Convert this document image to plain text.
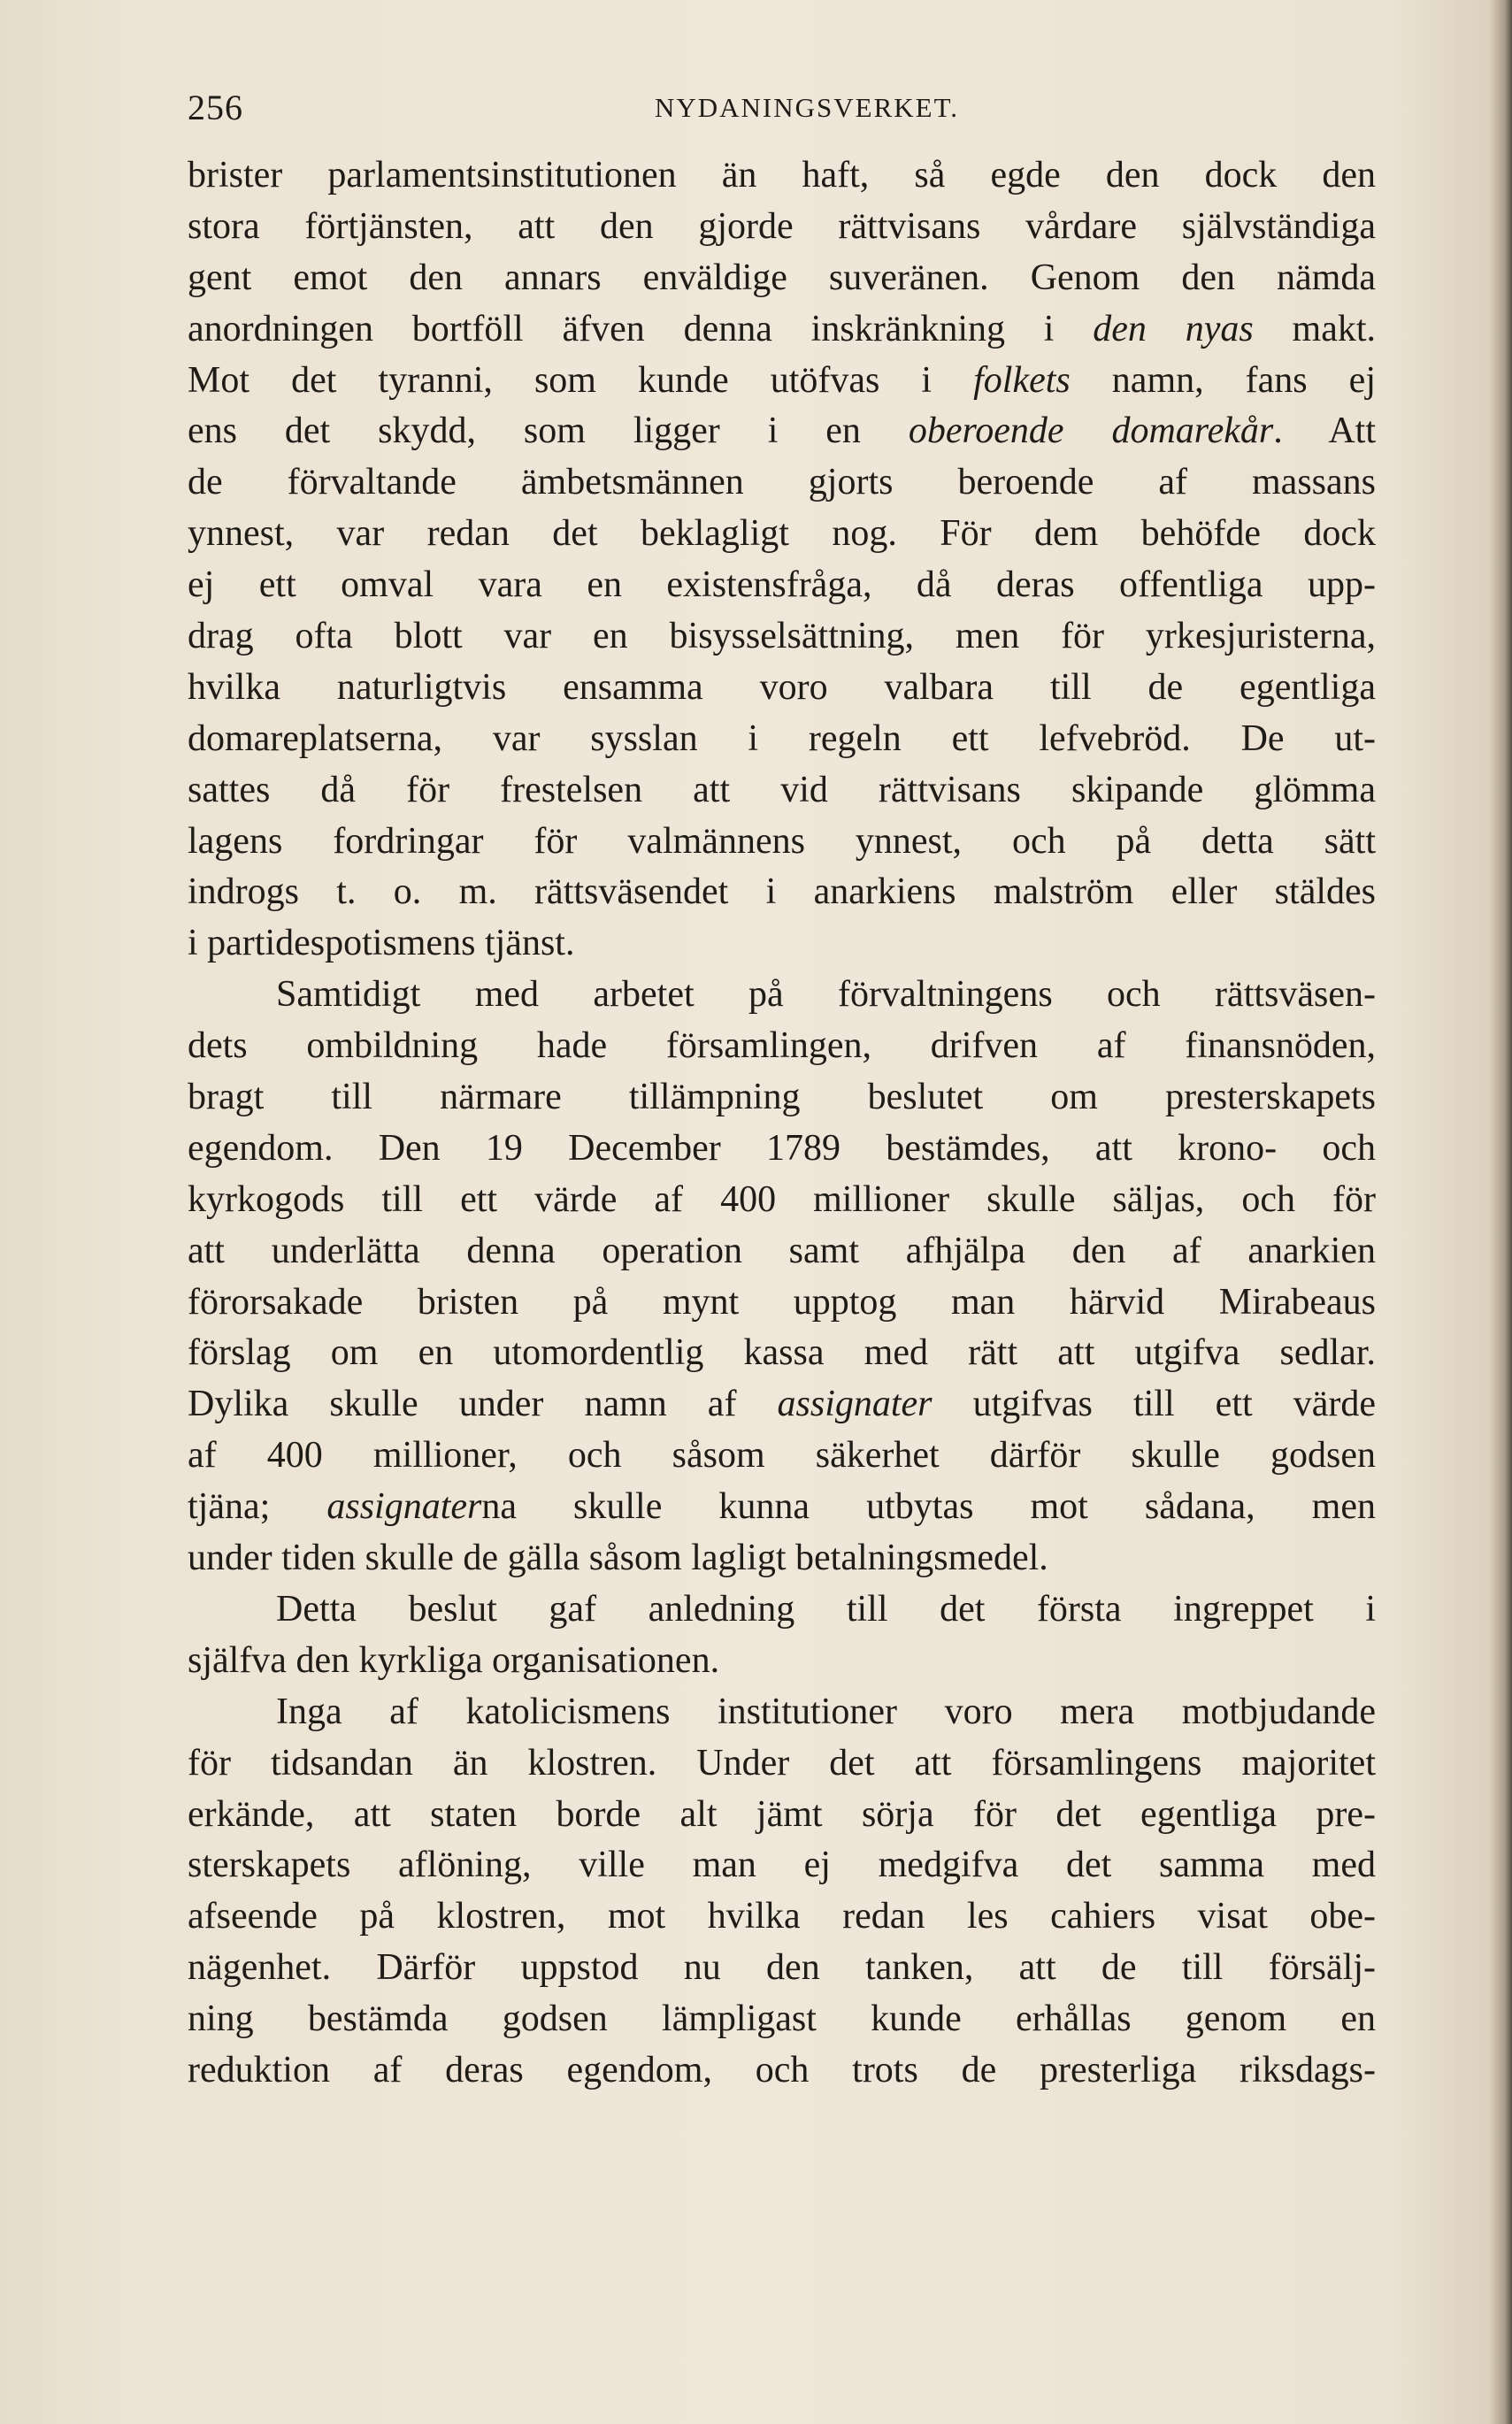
256	NYDANINGSVERKET.
brister parlamentsinstitutionen än haft, så egde den dock den
stora förtjänsten, att den gjorde rättvisans vårdare självständiga
gent emot den annars enväldige suveränen. Genom den nämda
anordningen bortföll äfven denna inskränkning i den nyas makt.
Mot det tyranni, som kunde utöfvas i folkets namn, fans ej
ens det skydd, som ligger i en oberoende domarekår. Att
de förvaltande ämbetsmännen gjorts beroende af massans
ynnest, var redan det beklagligt nog. För dem behöfde dock
ej ett omval vara en existensfråga, då deras offentliga upp-
drag ofta blott var en bisysselsättning, men för yrkesjuristerna,
hvilka naturligtvis ensamma voro valbara till de egentliga
domareplatserna, var sysslan i regeln ett lefvebröd. De ut-
sattes då för frestelsen att vid rättvisans skipande glömma
lagens fordringar för valmännens ynnest, och på detta sätt
indrogs t. o. m. rättsväsendet i anarkiens malström eller stäldes
i partidespotismens tjänst.
Samtidigt med arbetet på förvaltningens och rättsväsen-
dets ombildning hade församlingen, drifven af finansnöden,
bragt till närmare tillämpning beslutet om presterskapets
egendom. Den 19 December 1789 bestämdes, att krono- och
kyrkogods till ett värde af 400 millioner skulle säljas, och för
att underlätta denna operation samt afhjälpa den af anarkien
förorsakade bristen på mynt upptog man härvid Mirabeaus
förslag om en utomordentlig kassa med rätt att utgifva sedlar.
Dylika skulle under namn af assignater utgifvas till ett värde
af 400 millioner, och såsom säkerhet därför skulle godsen
tjäna; assignaterna skulle kunna utbytas mot sådana, men
under tiden skulle de gälla såsom lagligt betalningsmedel.
Detta beslut gaf anledning till det första ingreppet i
själfva den kyrkliga organisationen.
Inga af katolicismens institutioner voro mera motbjudande
för tidsandan än klostren. Under det att församlingens majoritet
erkände, att staten borde alt jämt sörja för det egentliga pre-
sterskapets aflöning, ville man ej medgifva det samma med
afseende på klostren, mot hvilka redan les cahiers visat obe-
nägenhet. Därför uppstod nu den tanken, att de till försälj-
ning bestämda godsen lämpligast kunde erhållas genom en
reduktion af deras egendom, och trots de presterliga riksdags-
